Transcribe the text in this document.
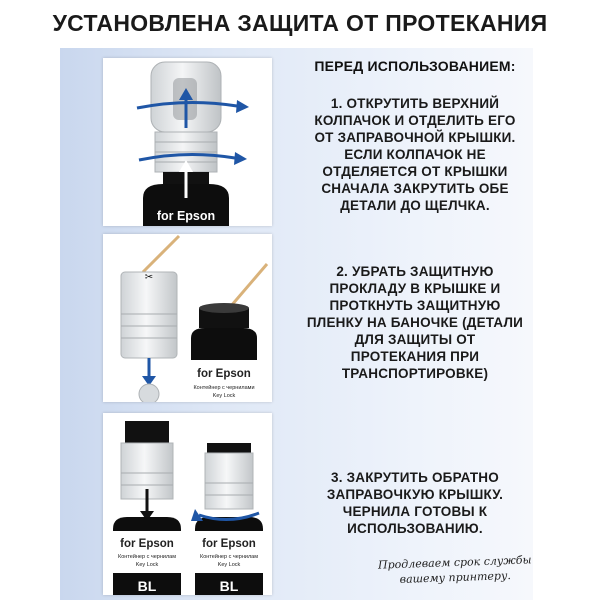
УСТАНОВЛЕНА ЗАЩИТА ОТ ПРОТЕКАНИЯ
for Epson
✂
for Epson
Контейнер с чернилами
Key Lock
for Epson
Контейнер с чернилам
Key Lock
BL
for Epson
Контейнер с чернилам
Key Lock
BL
ПЕРЕД ИСПОЛЬЗОВАНИЕМ:
1. ОТКРУТИТЬ ВЕРХНИЙ КОЛПАЧОК И ОТДЕЛИТЬ ЕГО ОТ ЗАПРАВОЧНОЙ КРЫШКИ. ЕСЛИ КОЛПАЧОК НЕ ОТДЕЛЯЕТСЯ ОТ КРЫШКИ СНАЧАЛА ЗАКРУТИТЬ ОБЕ ДЕТАЛИ ДО ЩЕЛЧКА.
2. УБРАТЬ ЗАЩИТНУЮ ПРОКЛАДУ В КРЫШКЕ И ПРОТКНУТЬ ЗАЩИТНУЮ ПЛЕНКУ НА БАНОЧКЕ (ДЕТАЛИ ДЛЯ ЗАЩИТЫ ОТ ПРОТЕКАНИЯ ПРИ ТРАНСПОРТИРОВКЕ)
3. ЗАКРУТИТЬ ОБРАТНО ЗАПРАВОЧКУЮ КРЫШКУ. ЧЕРНИЛА ГОТОВЫ К ИСПОЛЬЗОВАНИЮ.
Продлеваем срок службы
вашему принтеру.
